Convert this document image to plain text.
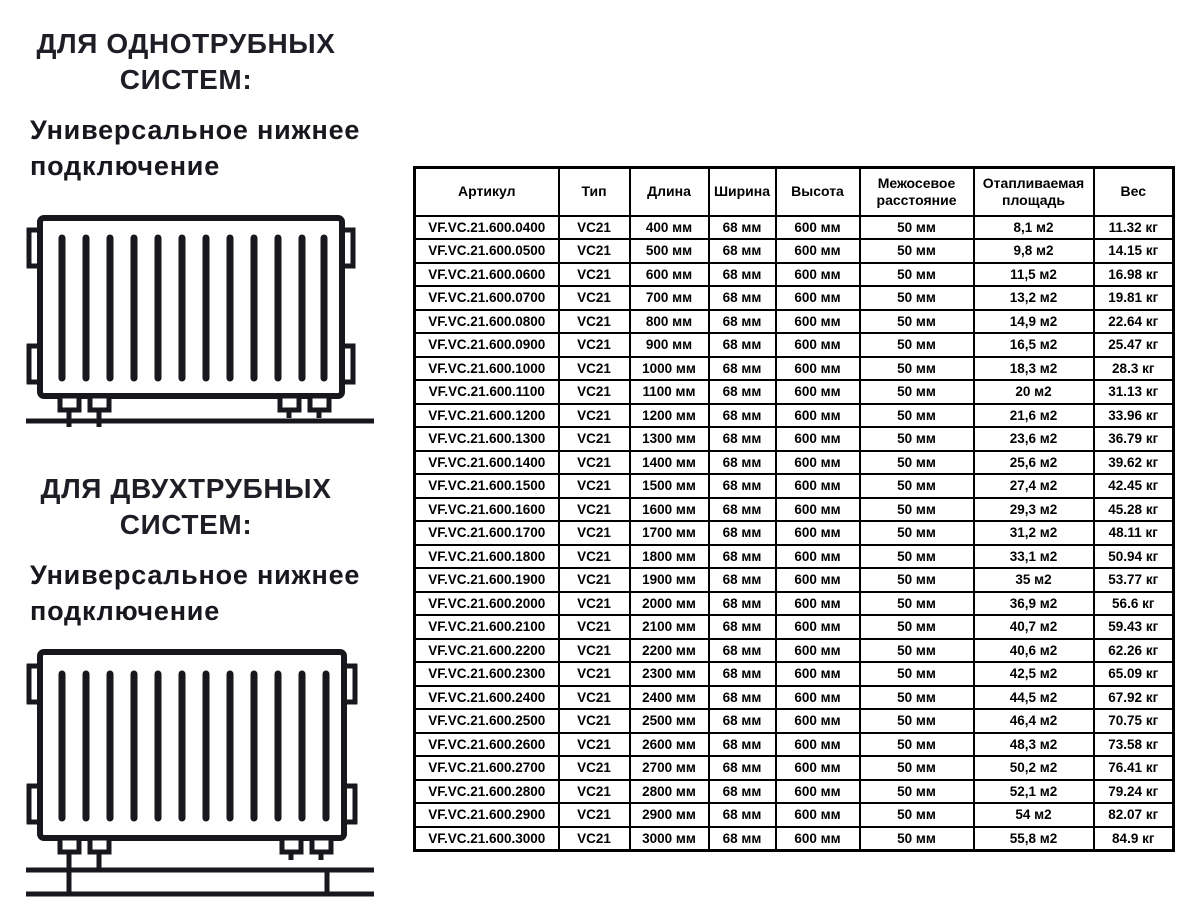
ДЛЯ ОДНОТРУБНЫХ СИСТЕМ:
Универсальное нижнее подключение
ДЛЯ ДВУХТРУБНЫХ СИСТЕМ:
Универсальное нижнее подключение
Артикул	Тип	Длина	Ширина	Высота	Межосевое расстояние	Отапливаемая площадь	Вес
VF.VC.21.600.0400	VC21	400 мм	68 мм	600 мм	50 мм	8,1 м2	11.32 кг
VF.VC.21.600.0500	VC21	500 мм	68 мм	600 мм	50 мм	9,8 м2	14.15 кг
VF.VC.21.600.0600	VC21	600 мм	68 мм	600 мм	50 мм	11,5 м2	16.98 кг
VF.VC.21.600.0700	VC21	700 мм	68 мм	600 мм	50 мм	13,2 м2	19.81 кг
VF.VC.21.600.0800	VC21	800 мм	68 мм	600 мм	50 мм	14,9 м2	22.64 кг
VF.VC.21.600.0900	VC21	900 мм	68 мм	600 мм	50 мм	16,5 м2	25.47 кг
VF.VC.21.600.1000	VC21	1000 мм	68 мм	600 мм	50 мм	18,3 м2	28.3 кг
VF.VC.21.600.1100	VC21	1100 мм	68 мм	600 мм	50 мм	20 м2	31.13 кг
VF.VC.21.600.1200	VC21	1200 мм	68 мм	600 мм	50 мм	21,6 м2	33.96 кг
VF.VC.21.600.1300	VC21	1300 мм	68 мм	600 мм	50 мм	23,6 м2	36.79 кг
VF.VC.21.600.1400	VC21	1400 мм	68 мм	600 мм	50 мм	25,6 м2	39.62 кг
VF.VC.21.600.1500	VC21	1500 мм	68 мм	600 мм	50 мм	27,4 м2	42.45 кг
VF.VC.21.600.1600	VC21	1600 мм	68 мм	600 мм	50 мм	29,3 м2	45.28 кг
VF.VC.21.600.1700	VC21	1700 мм	68 мм	600 мм	50 мм	31,2 м2	48.11 кг
VF.VC.21.600.1800	VC21	1800 мм	68 мм	600 мм	50 мм	33,1 м2	50.94 кг
VF.VC.21.600.1900	VC21	1900 мм	68 мм	600 мм	50 мм	35 м2	53.77 кг
VF.VC.21.600.2000	VC21	2000 мм	68 мм	600 мм	50 мм	36,9 м2	56.6 кг
VF.VC.21.600.2100	VC21	2100 мм	68 мм	600 мм	50 мм	40,7 м2	59.43 кг
VF.VC.21.600.2200	VC21	2200 мм	68 мм	600 мм	50 мм	40,6 м2	62.26 кг
VF.VC.21.600.2300	VC21	2300 мм	68 мм	600 мм	50 мм	42,5 м2	65.09 кг
VF.VC.21.600.2400	VC21	2400 мм	68 мм	600 мм	50 мм	44,5 м2	67.92 кг
VF.VC.21.600.2500	VC21	2500 мм	68 мм	600 мм	50 мм	46,4 м2	70.75 кг
VF.VC.21.600.2600	VC21	2600 мм	68 мм	600 мм	50 мм	48,3 м2	73.58 кг
VF.VC.21.600.2700	VC21	2700 мм	68 мм	600 мм	50 мм	50,2 м2	76.41 кг
VF.VC.21.600.2800	VC21	2800 мм	68 мм	600 мм	50 мм	52,1 м2	79.24 кг
VF.VC.21.600.2900	VC21	2900 мм	68 мм	600 мм	50 мм	54 м2	82.07 кг
VF.VC.21.600.3000	VC21	3000 мм	68 мм	600 мм	50 мм	55,8 м2	84.9 кг
